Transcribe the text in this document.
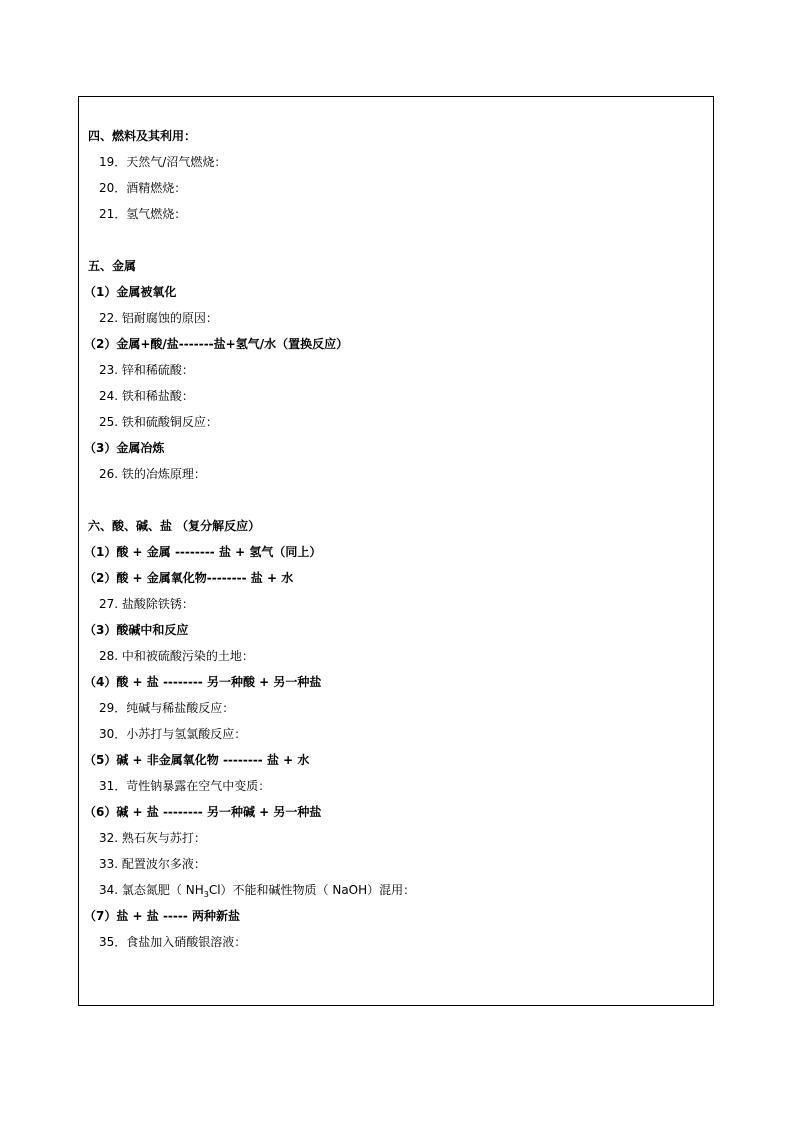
四、燃料及其利用：
19．天然气/沼气燃烧：
20．酒精燃烧：
21．氢气燃烧：
五、金属
（1）金属被氧化
22. 铝耐腐蚀的原因：
（2）金属+酸/盐-------盐+氢气/水（置换反应）
23. 锌和稀硫酸：
24. 铁和稀盐酸：
25. 铁和硫酸铜反应：
（3）金属冶炼
26. 铁的冶炼原理：
六、酸、碱、盐 （复分解反应）
（1）酸 + 金属 -------- 盐 + 氢气（同上）
（2）酸 + 金属氧化物-------- 盐 + 水
27. 盐酸除铁锈：
（3）酸碱中和反应
28. 中和被硫酸污染的土地：
（4）酸 + 盐 -------- 另一种酸 + 另一种盐
29．纯碱与稀盐酸反应：
30．小苏打与氢氯酸反应：
（5）碱 + 非金属氧化物 -------- 盐 + 水
31．苛性钠暴露在空气中变质：
（6）碱 + 盐 -------- 另一种碱 + 另一种盐
32. 熟石灰与苏打：
33. 配置波尔多液：
34. 氯态氮肥（ $NH_3Cl$）不能和碱性物质（ NaOH）混用：
（7）盐 + 盐 ----- 两种新盐
35．食盐加入硝酸银溶液：
